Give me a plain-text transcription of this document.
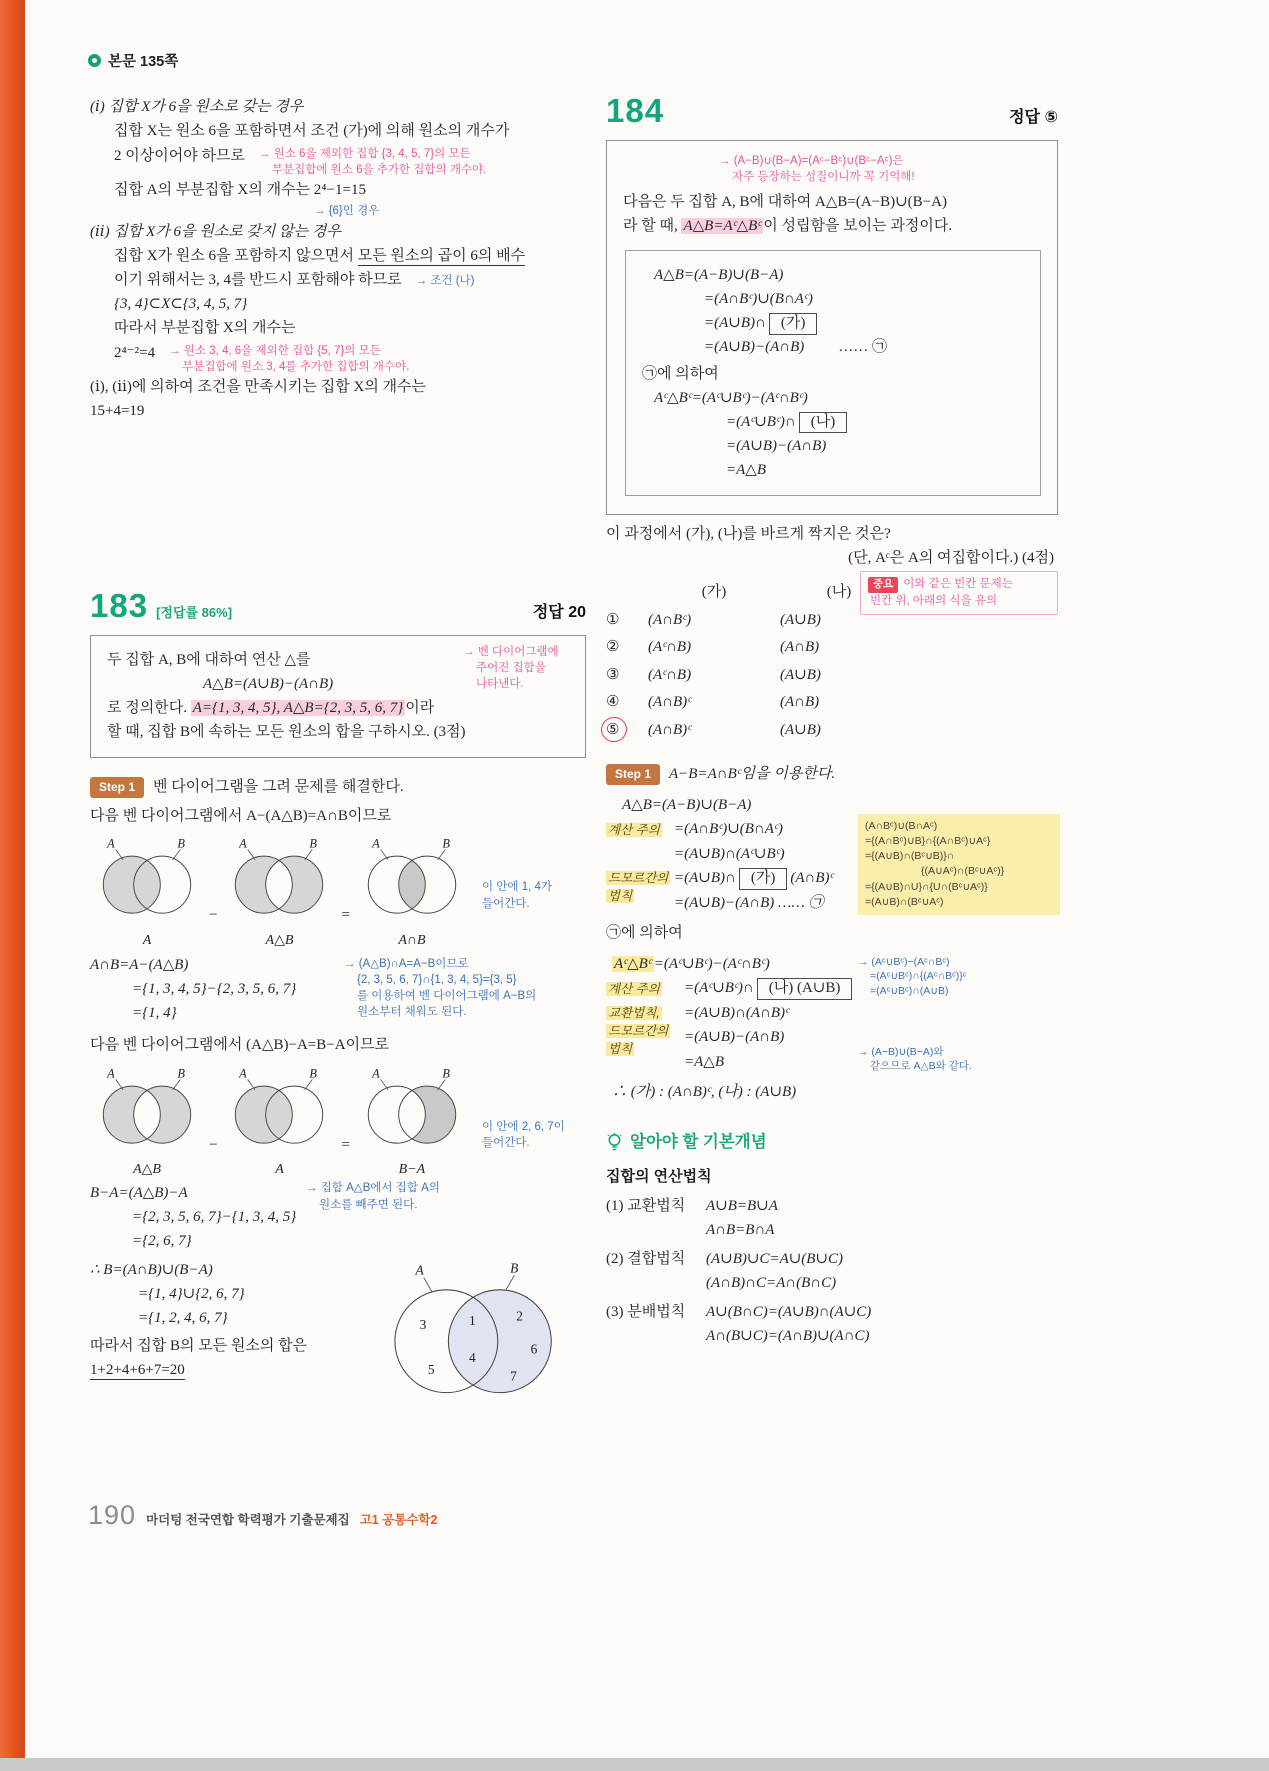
본문 135쪽
(ⅰ) 집합 X가 6을 원소로 갖는 경우
집합 X는 원소 6을 포함하면서 조건 (가)에 의해 원소의 개수가
2 이상이어야 하므로 → 원소 6을 제외한 집합 {3, 4, 5, 7}의 모든
부분집합에 원소 6을 추가한 집합의 개수야.
집합 A의 부분집합 X의 개수는 2⁴−1=15
→ {6}인 경우
(ⅱ) 집합 X가 6을 원소로 갖지 않는 경우
집합 X가 원소 6을 포함하지 않으면서 모든 원소의 곱이 6의 배수
이기 위해서는 3, 4를 반드시 포함해야 하므로 → 조건 (나)
{3, 4}⊂X⊂{3, 4, 5, 7}
따라서 부분집합 X의 개수는
2⁴⁻²=4 → 원소 3, 4, 6을 제외한 집합 {5, 7}의 모든
부분집합에 원소 3, 4를 추가한 집합의 개수야.
(ⅰ), (ⅱ)에 의하여 조건을 만족시키는 집합 X의 개수는
15+4=19
183 [정답률 86%]	정답 20
두 집합 A, B에 대하여 연산 △를
A△B=(A∪B)−(A∩B)
로 정의한다. A={1, 3, 4, 5}, A△B={2, 3, 5, 6, 7} 이라
할 때, 집합 B에 속하는 모든 원소의 합을 구하시오. (3점)
→ 벤 다이어그램에
주어진 집합을
나타낸다.
Step 1	벤 다이어그램을 그려 문제를 해결한다.
다음 벤 다이어그램에서 A−(A△B)=A∩B이므로
A	B
A
−
A	B
A△B
=
A	B
A∩B
이 안에 1, 4가
들어간다.
A∩B=A−(A△B)
={1, 3, 4, 5}−{2, 3, 5, 6, 7}
={1, 4}
→ (A△B)∩A=A−B이므로
{2, 3, 5, 6, 7}∩{1, 3, 4, 5}={3, 5}
를 이용하여 벤 다이어그램에 A−B의
원소부터 채워도 된다.
다음 벤 다이어그램에서 (A△B)−A=B−A이므로
A	B
A△B
−
A	B
A
=
A	B
B−A
이 안에 2, 6, 7이
들어간다.
B−A=(A△B)−A	→ 집합 A△B에서 집합 A의
원소를 빼주면 된다.
={2, 3, 5, 6, 7}−{1, 3, 4, 5}
={2, 6, 7}
∴ B=(A∩B)∪(B−A)
={1, 4}∪{2, 6, 7}
={1, 2, 4, 6, 7}
따라서 집합 B의 모든 원소의 합은
1+2+4+6+7=20
A	B
3
5
1
4
2
6
7
184	정답 ⑤
→ (A−B)∪(B−A)=(Aᶜ−Bᶜ)∪(Bᶜ−Aᶜ)은
자주 등장하는 성질이니까 꼭 기억해!
다음은 두 집합 A, B에 대하여 A△B=(A−B)∪(B−A)
라 할 때, A△B=Aᶜ△Bᶜ 이 성립함을 보이는 과정이다.
A△B=(A−B)∪(B−A)
=(A∩Bᶜ)∪(B∩Aᶜ)
=(A∪B)∩ (가)
=(A∪B)−(A∩B) …… ㉠
㉠에 의하여
Aᶜ△Bᶜ=(Aᶜ∪Bᶜ)−(Aᶜ∩Bᶜ)
=(Aᶜ∪Bᶜ)∩ (나)
=(A∪B)−(A∩B)
=A△B
이 과정에서 (가), (나)를 바르게 짝지은 것은?
(단, Aᶜ은 A의 여집합이다.) (4점)
중요 이와 같은 빈칸 문제는
빈칸 위, 아래의 식을 유의
(가)	(나)
①	(A∩Bᶜ)	(A∪B)
②	(Aᶜ∩B)	(A∩B)
③	(Aᶜ∩B)	(A∪B)
④	(A∩B)ᶜ	(A∩B)
⑤	(A∩B)ᶜ	(A∪B)
Step 1	A−B=A∩Bᶜ임을 이용한다.
(A∩Bᶜ)∪(B∩Aᶜ)
={(A∩Bᶜ)∪B}∩{(A∩Bᶜ)∪Aᶜ}
={(A∪B)∩(Bᶜ∪B)}∩
{(A∪Aᶜ)∩(Bᶜ∪Aᶜ)}
={(A∪B)∩U}∩{U∩(Bᶜ∪Aᶜ)}
=(A∪B)∩(Bᶜ∪Aᶜ)
A△B=(A−B)∪(B−A)
계산 주의 =(A∩Bᶜ)∪(B∩Aᶜ)
=(A∪B)∩(Aᶜ∪Bᶜ)
드모르간의
법칙
=(A∪B)∩ (가) (A∩B)ᶜ
=(A∪B)−(A∩B) …… ㉠
㉠에 의하여
→ (Aᶜ∪Bᶜ)−(Aᶜ∩Bᶜ)
=(Aᶜ∪Bᶜ)∩{(Aᶜ∩Bᶜ)}ᶜ
=(Aᶜ∪Bᶜ)∩(A∪B)
→ (A−B)∪(B−A)와
같으므로 A△B와 같다.
Aᶜ△Bᶜ =(Aᶜ∪Bᶜ)−(Aᶜ∩Bᶜ)
계산 주의	=(Aᶜ∪Bᶜ)∩ (나) (A∪B)
교환법칙,
드모르간의
법칙
=(A∪B)∩(A∩B)ᶜ
=(A∪B)−(A∩B)
=A△B
∴ (가) : (A∩B)ᶜ, (나) : (A∪B)
알아야 할 기본개념
집합의 연산법칙
(1) 교환법칙	A∪B=B∪A
A∩B=B∩A
(2) 결합법칙	(A∪B)∪C=A∪(B∪C)
(A∩B)∩C=A∩(B∩C)
(3) 분배법칙	A∪(B∩C)=(A∪B)∩(A∪C)
A∩(B∪C)=(A∩B)∪(A∩C)
190 마더텅 전국연합 학력평가 기출문제집 고1 공통수학2
